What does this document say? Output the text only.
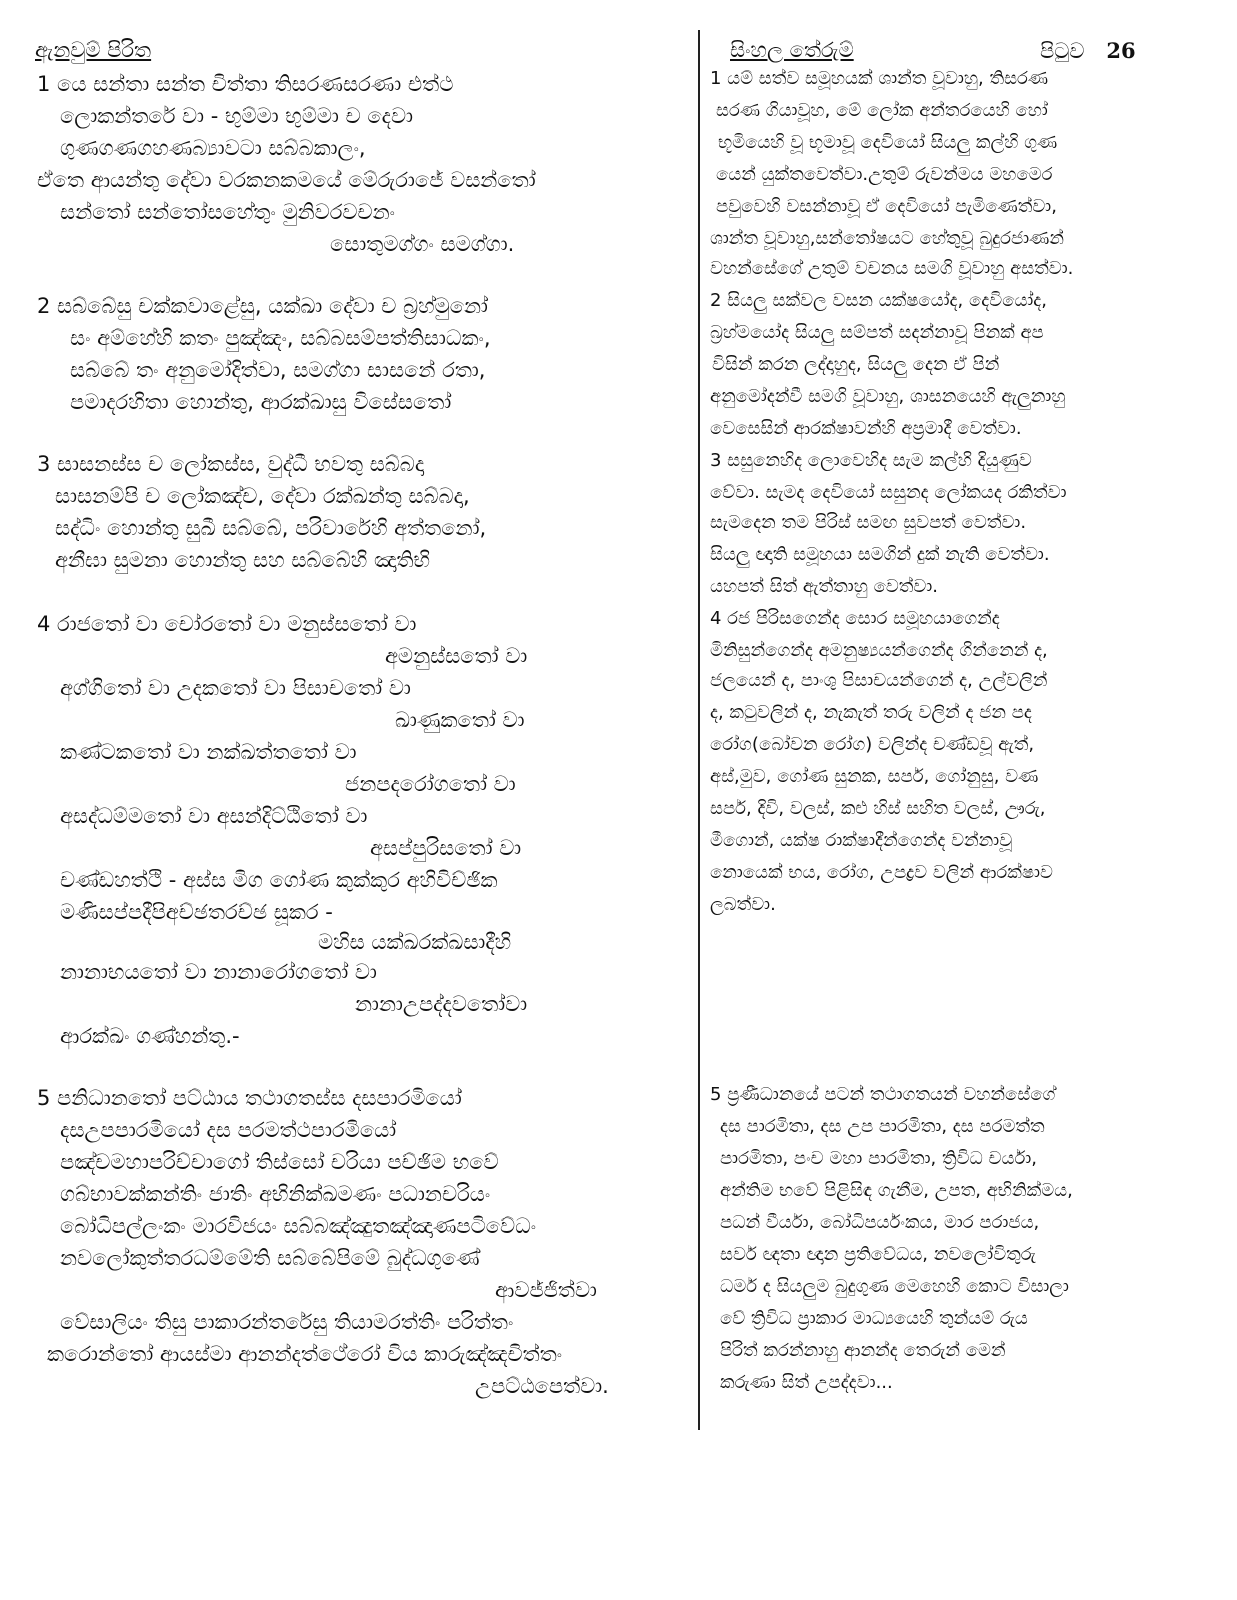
ඇනවුම් පිරිත	සිංහල තේරුම්	පිටුව 26
1 යෙ සන්තා සන්ත චිත්තා තිසරණසරණා එත්ථ
ලොකන්තරේ වා - භුම්මා භුම්මා ච දෙවා
ගුණගණගහණබ්‍යාවටා සබ්බකාලං,
ඒතෙ ආයන්තු දේවා වරකනකමයේ මේරුරාජේ වසන්තෝ
සන්තෝ සන්තෝසහේතුං මුනිවරවචනං
සොතුමග්ගං සමග්ගා.
2 සබ්බේසු චක්කවාළේසු, යක්ඛා දේවා ච බ්‍රහ්මුනෝ
සං අම්හේහි කතං පුඤ්ඤං, සබ්බසම්පත්තිසාධකං,
සබ්බේ තං අනුමෝදිත්වා, සමග්ගා සාසනේ රතා,
පමාදරහිතා හොන්තු, ආරක්ඛාසු විසේසතෝ
3 සාසනස්ස ච ලෝකස්ස, වුද්ධී භවතු සබ්බදා
සාසනම්පි ච ලෝකඤ්ච, දේවා රක්ඛන්තු සබ්බදා,
සද්ධිං හොන්තු සුඛී සබ්බේ, පරිවාරේහි අත්තනෝ,
අනීඝා සුමනා හොන්තු සහ සබ්බේහි ඤාතිභි
4 රාජතෝ වා චෝරතෝ වා මනුස්සතෝ වා
අමනුස්සතෝ වා
අග්ගිතෝ වා උදකතෝ වා පිසාචතෝ වා
ඛාණුකතෝ වා
කණ්ටකතෝ වා නක්ඛත්තතෝ වා
ජනපදරෝගතෝ වා
අසද්ධම්මතෝ වා අසන්දිට්ඨිතෝ වා
අසප්පුරිසතෝ වා
චණ්ඩහත්ථි - අස්ස මිග ගෝණ කුක්කුර අහිවිච්ඡික
මණිසප්පදීපිඅච්ඡතරච්ඡ සූකර -
මහිස යක්ඛරක්ඛසාදීහි
නානාභයතෝ වා නානාරෝගතෝ වා
නානාඋපද්දවතෝවා
ආරක්ඛං ගණ්හන්තු.-
5 පනිධානතෝ පට්ඨාය තථාගතස්ස දසපාරමියෝ
දසඋපපාරමියෝ දස පරමත්ථපාරමියෝ
පඤ්චමහාපරිච්චාගෝ තිස්සෝ චරියා පච්ඡිම භවේ
ගබ්භාවක්කන්තිං ජාතිං අභිනික්ඛමණං පධානචරියං
බෝධිපල්ලංකං මාරවිජයං සබ්බඤ්ඤුතඤ්ඤාණපටිවේධං
නවලෝකුත්තරධම්මේති සබ්බේපිමේ බුද්ධගුණේ
ආවජ්ජිත්වා
වේසාලියං තිසු පාකාරන්තරේසු තියාමරත්තිං පරිත්තං
කරොන්තෝ ආයස්මා ආනන්දත්ථේරෝ විය කාරුඤ්ඤචිත්තං
උපට්ඨපෙත්වා.
1 යම් සත්ව සමූහයක් ශාන්ත වූවාහු, තිසරණ
සරණ ගියාවූහ, මේ ලෝක අන්තරයෙහි හෝ
භූමියෙහි වූ භූමාවූ දෙවියෝ සියලු කල්හි ගුණ
යෙන් යුක්තවෙත්වා.උතුම් රුවන්මය මහමෙර
පවුවෙහි වසන්නාවූ ඒ දෙවියෝ පැමිණෙත්වා,
ශාන්ත වූවාහු,සන්තෝෂයට හේතුවූ බුදුරජාණන්
වහන්සේගේ උතුම් වචනය සමගි වූවාහු අසත්වා.
2 සියලු සක්වල වසන යක්ෂයෝද, දෙවියෝද,
බ්‍රහ්මයෝද සියලු සම්පත් සදන්නාවූ පිනක් අප
විසින් කරන ලද්දාහුද, සියලු දෙන ඒ පින්
අනුමෝදන්වී සමගි වූවාහු, ශාසනයෙහි ඇලුනාහු
වෙසෙසින් ආරක්ෂාවන්හි අප්‍රමාදී වෙත්වා.
3 සසුනෙහිද ලොවෙහිද සැම කල්හි දියුණුව
වේවා. සැමද දෙවියෝ සසුනද ලෝකයද රකිත්වා
සැමදෙන තම පිරිස් සමඟ සුවපත් වෙත්වා.
සියලු ඥාති සමූහයා සමගින් දුක් නැති වෙත්වා.
යහපත් සිත් ඇත්තාහු වෙත්වා.
4 රජ පිරිසගෙන්ද සොර සමූහයාගෙන්ද
මිනිසුන්ගෙන්ද අමනුෂ්‍යයන්ගෙන්ද ගින්නෙන් ද,
ජලයෙන් ද, පාංශු පිසාචයන්ගෙන් ද, උල්වලින්
ද, කටුවලින් ද, නැකැත් තරු වලින් ද ජන පද
රෝග(බෝවන රෝග) වලින්ද චණ්ඩවූ ඇත්,
අස්,මුව, ගෝණ සුනක, සර්ප, ගෝනුසු, වණ
සර්ප, දිවි, වලස්, කළු හිස් සහිත වලස්, ඌරු,
මීගොන්, යක්ෂ රාක්ෂාදීන්ගෙන්ද වන්නාවූ
නොයෙක් භය, රෝග, උපද්‍රව වලින් ආරක්ෂාව
ලබත්වා.
5 ප්‍රණීධානයේ පටන් තථාගතයන් වහන්සේගේ
දස පාරමිතා, දස උප පාරමිතා, දස පරමත්ත
පාරමිතා, පංච මහා පාරමිතා, ත්‍රිවිධ චර්යා,
අන්තිම භවේ පිළිසිඳ ගැනීම, උපත, අභිනික්මය,
පධන් වීර්යා, බෝධිපර්යංකය, මාර පරාජය,
සර්ව ඥතා ඥාන ප්‍රතිවේධය, නවලෝවිතුරු
ධර්ම ද සියලුම බුදුගුණ මෙහෙහි කොට විසාලා
වේ ත්‍රිවිධ ප්‍රාකාර මාධ්‍යයෙහි තුන්යම් රුය
පිරිත් කරන්නාහු ආනන්ද තෙරුන් මෙන්
කරුණා සිත් උපද්දවා...
